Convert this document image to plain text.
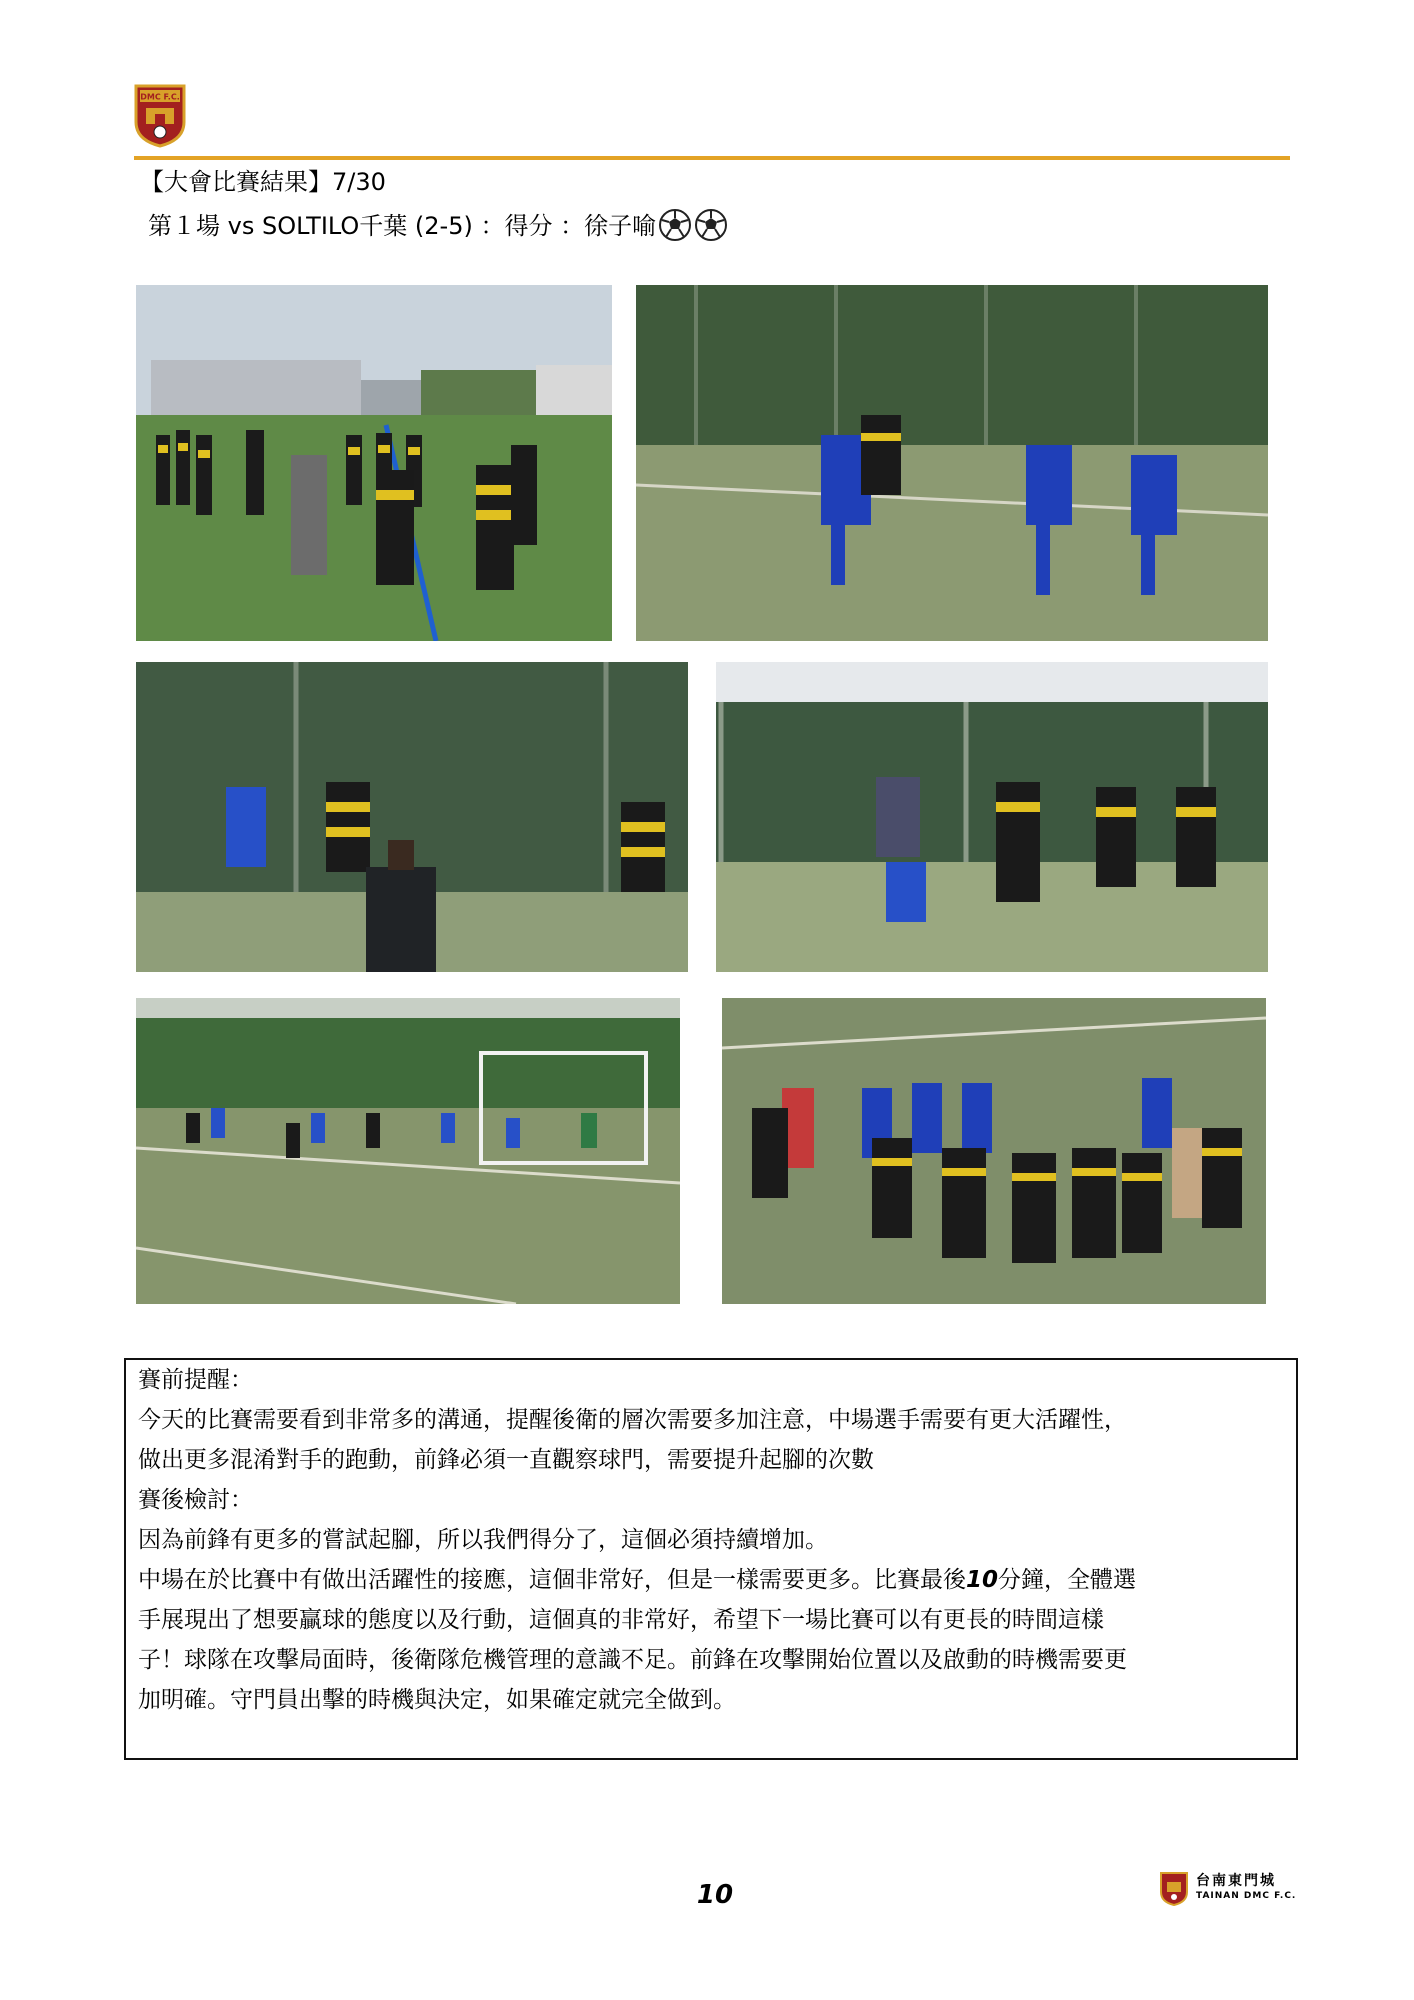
DMC F.C.
【大會比賽結果】7/30
第１場 vs SOLTILO千葉 (2-5) ：得分 ：徐子喻
賽前提醒：
今天的比賽需要看到非常多的溝通，提醒後衛的層次需要多加注意，中場選手需要有更大活躍性，
做出更多混淆對手的跑動，前鋒必須一直觀察球門，需要提升起腳的次數
賽後檢討：
因為前鋒有更多的嘗試起腳，所以我們得分了，這個必須持續增加。
中場在於比賽中有做出活躍性的接應，這個非常好，但是一樣需要更多。比賽最後10分鐘，全體選
手展現出了想要贏球的態度以及行動，這個真的非常好，希望下一場比賽可以有更長的時間這樣
子！球隊在攻擊局面時，後衛隊危機管理的意識不足。前鋒在攻擊開始位置以及啟動的時機需要更
加明確。守門員出擊的時機與決定，如果確定就完全做到。
10	台南東門城
TAINAN DMC F.C.
